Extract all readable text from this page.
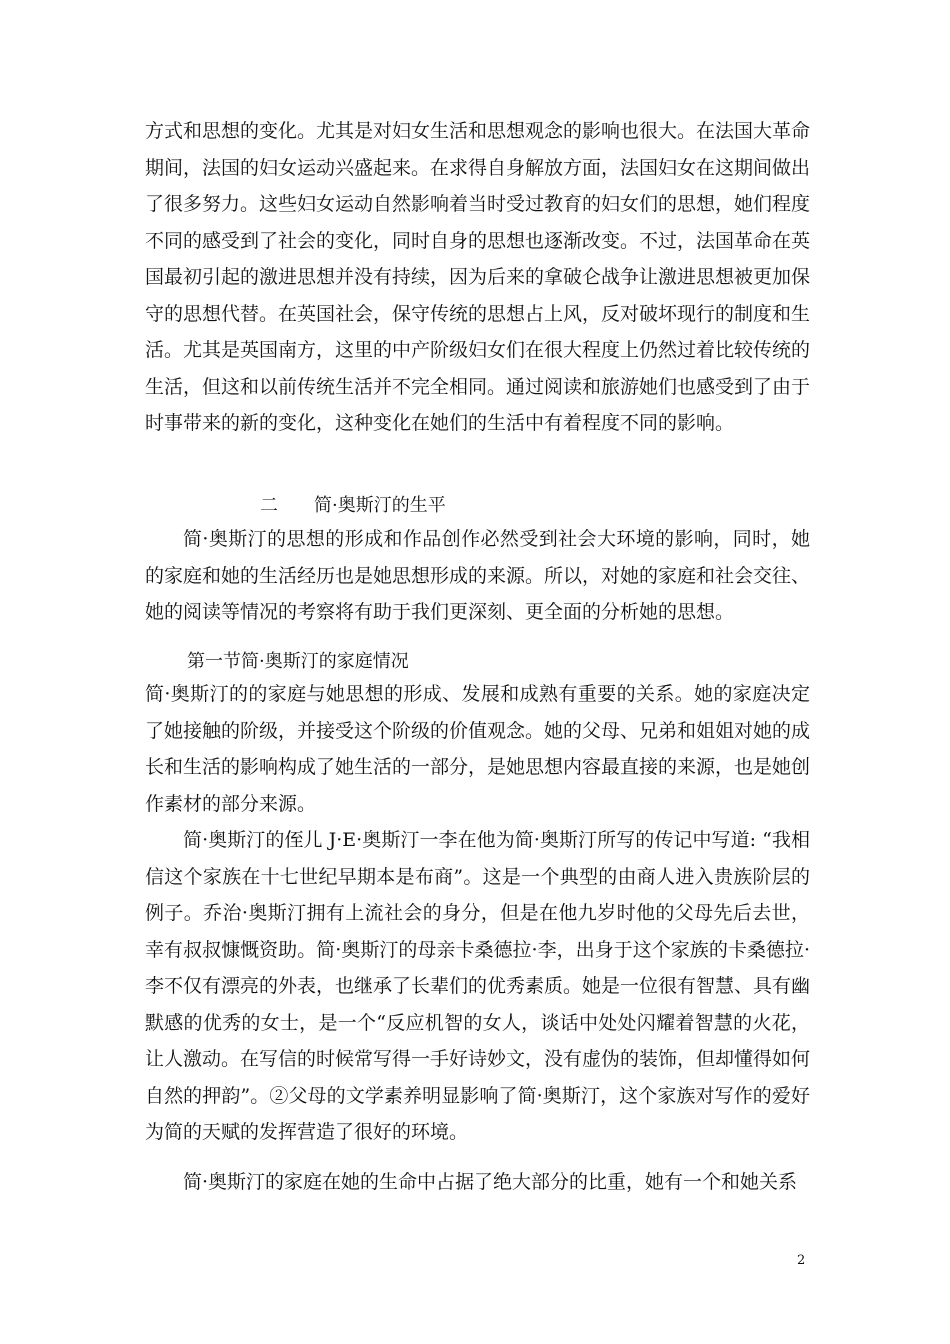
方式和思想的变化。尤其是对妇女生活和思想观念的影响也很大。在法国大革命期间，法国的妇女运动兴盛起来。在求得自身解放方面，法国妇女在这期间做出了很多努力。这些妇女运动自然影响着当时受过教育的妇女们的思想，她们程度不同的感受到了社会的变化，同时自身的思想也逐渐改变。不过，法国革命在英国最初引起的激进思想并没有持续，因为后来的拿破仑战争让激进思想被更加保守的思想代替。在英国社会，保守传统的思想占上风，反对破坏现行的制度和生活。尤其是英国南方，这里的中产阶级妇女们在很大程度上仍然过着比较传统的生活，但这和以前传统生活并不完全相同。通过阅读和旅游她们也感受到了由于时事带来的新的变化，这种变化在她们的生活中有着程度不同的影响。

二　　简·奥斯汀的生平

简·奥斯汀的思想的形成和作品创作必然受到社会大环境的影响，同时，她的家庭和她的生活经历也是她思想形成的来源。所以，对她的家庭和社会交往、她的阅读等情况的考察将有助于我们更深刻、更全面的分析她的思想。

第一节简·奥斯汀的家庭情况

简·奥斯汀的的家庭与她思想的形成、发展和成熟有重要的关系。她的家庭决定了她接触的阶级，并接受这个阶级的价值观念。她的父母、兄弟和姐姐对她的成长和生活的影响构成了她生活的一部分，是她思想内容最直接的来源，也是她创作素材的部分来源。

简·奥斯汀的侄儿 J·E·奥斯汀一李在他为简·奥斯汀所写的传记中写道: “我相信这个家族在十七世纪早期本是布商”。这是一个典型的由商人进入贵族阶层的例子。乔治·奥斯汀拥有上流社会的身分，但是在他九岁时他的父母先后去世，幸有叔叔慷慨资助。简·奥斯汀的母亲卡桑德拉·李，出身于这个家族的卡桑德拉·李不仅有漂亮的外表，也继承了长辈们的优秀素质。她是一位很有智慧、具有幽默感的优秀的女士，是一个“反应机智的女人，谈话中处处闪耀着智慧的火花，让人激动。在写信的时候常写得一手好诗妙文，没有虚伪的装饰，但却懂得如何自然的押韵”。②父母的文学素养明显影响了简·奥斯汀，这个家族对写作的爱好为简的天赋的发挥营造了很好的环境。

简·奥斯汀的家庭在她的生命中占据了绝大部分的比重，她有一个和她关系

2
